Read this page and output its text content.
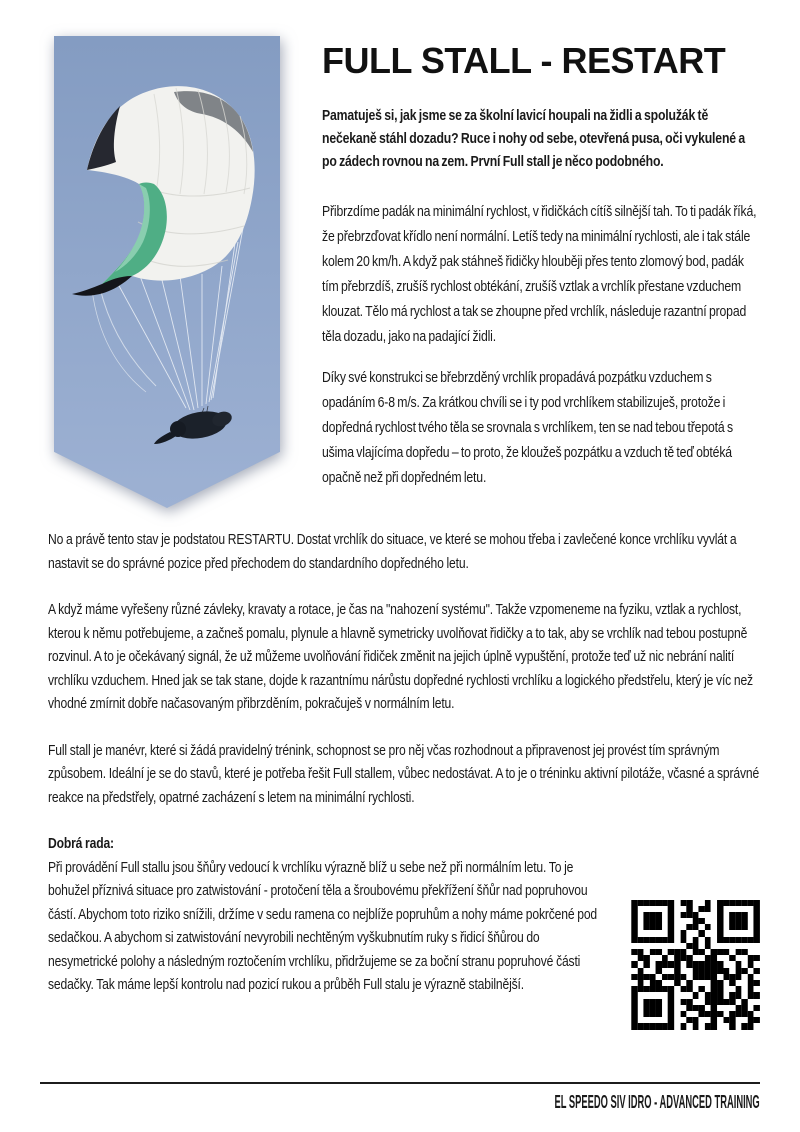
FULL STALL - RESTART

Pamatuješ si, jak jsme se za školní lavicí houpali na židli a spolužák tě nečekaně stáhl dozadu? Ruce i nohy od sebe, otevřená pusa, oči vykulené a po zádech rovnou na zem. První Full stall je něco podobného.

Přibrzdíme padák na minimální rychlost, v řidičkách cítíš silnější tah. To ti padák říká, že přebrzďovat křídlo není normální. Letíš tedy na minimální rychlosti, ale i tak stále kolem 20 km/h. A když pak stáhneš řidičky hlouběji přes tento zlomový bod, padák tím přebrzdíš, zrušíš rychlost obtékání, zrušíš vztlak a vrchlík přestane vzduchem klouzat. Tělo má rychlost a tak se zhoupne před vrchlík, následuje razantní propad těla dozadu, jako na padající židli.

Díky své konstrukci se břebrzděný vrchlík propadává pozpátku vzduchem s opadáním 6-8 m/s. Za krátkou chvíli se i ty pod vrchlíkem stabilizuješ, protože i dopředná rychlost tvého těla se srovnala s vrchlíkem, ten se nad tebou třepotá s ušima vlajícíma dopředu – to proto, že kloužeš pozpátku a vzduch tě teď obtéká opačně než při dopředném letu.

No a právě tento stav je podstatou RESTARTU. Dostat vrchlík do situace, ve které se mohou třeba i zavlečené konce vrchlíku vyvlát a nastavit se do správné pozice před přechodem do standardního dopředného letu.

A když máme vyřešeny různé závleky, kravaty a rotace, je čas na "nahození systému". Takže vzpomeneme na fyziku, vztlak a rychlost, kterou k němu potřebujeme, a začneš pomalu, plynule a hlavně symetricky uvolňovat řidičky a to tak, aby se vrchlík nad tebou postupně rozvinul. A to je očekávaný signál, že už můžeme uvolňování řidiček změnit na jejich úplně vypuštění, protože teď už nic nebrání nalití vrchlíku vzduchem. Hned jak se tak stane, dojde k razantnímu nárůstu dopředné rychlosti vrchlíku a logického předstřelu, který je víc než vhodné zmírnit dobře načasovaným přibrzděním, pokračuješ v normálním letu.

Full stall je manévr, které si žádá pravidelný trénink, schopnost se pro něj včas rozhodnout a připravenost jej provést tím správným způsobem. Ideální je se do stavů, které je potřeba řešit Full stallem, vůbec nedostávat. A to je o tréninku aktivní pilotáže, včasné a správné reakce na předstřely, opatrné zacházení s letem na minimální rychlosti.

Dobrá rada:

Při provádění Full stallu jsou šňůry vedoucí k vrchlíku výrazně blíž u sebe než při normálním letu. To je bohužel příznivá situace pro zatwistování - protočení těla a šroubovému překřížení šňůr nad popruhovou částí. Abychom toto riziko snížili, držíme v sedu ramena co nejblíže popruhům a nohy máme pokrčené pod sedačkou. A abychom si zatwistování nevyrobili nechtěným vyškubnutím ruky s řidicí šňůrou do nesymetrické polohy a následným roztočením vrchlíku, přidržujeme se za boční stranu popruhové části sedačky. Tak máme lepší kontrolu nad pozicí rukou a průběh Full stalu je výrazně stabilnější.

EL SPEEDO SIV IDRO - ADVANCED TRAINING
